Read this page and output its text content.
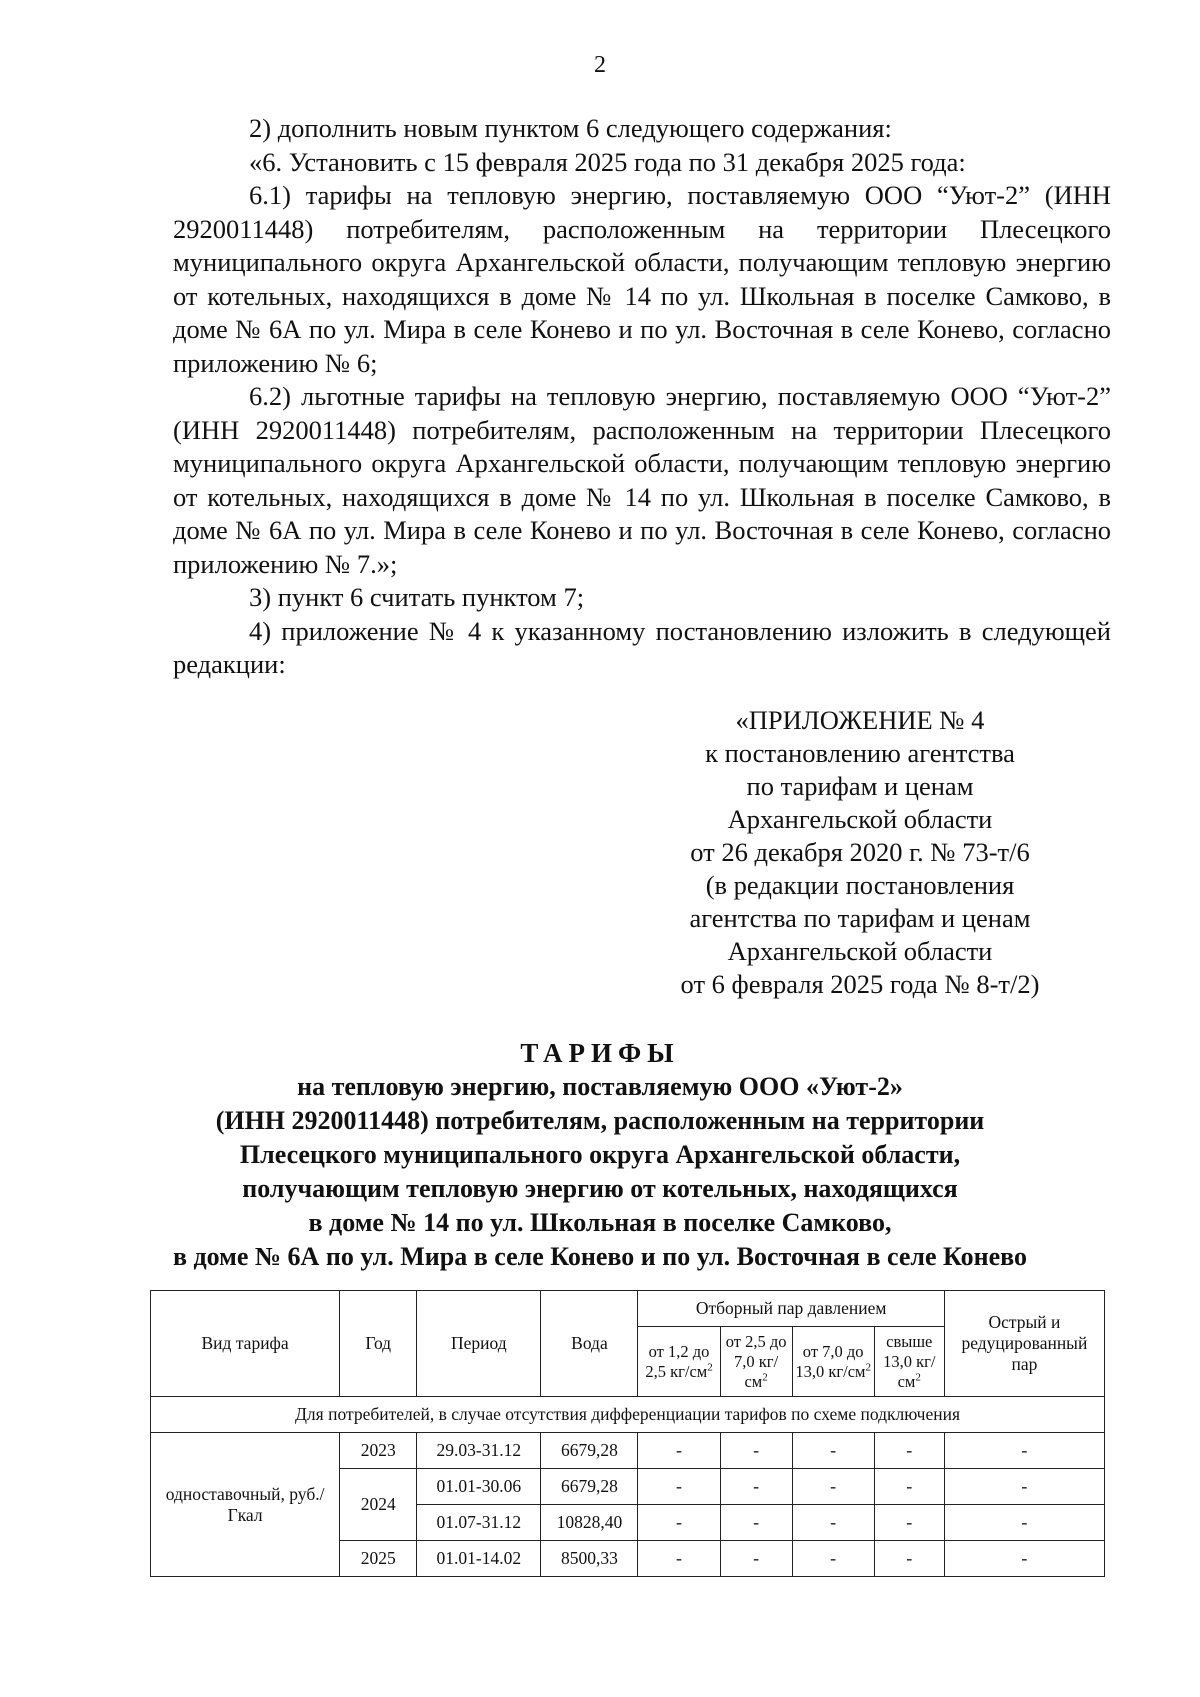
2

2) дополнить новым пунктом 6 следующего содержания:

«6. Установить с 15 февраля 2025 года по 31 декабря 2025 года:

6.1) тарифы на тепловую энергию, поставляемую ООО “Уют-2” (ИНН 2920011448) потребителям, расположенным на территории Плесецкого муниципального округа Архангельской области, получающим тепловую энергию от котельных, находящихся в доме № 14 по ул. Школьная в поселке Самково, в доме № 6А по ул. Мира в селе Конево и по ул. Восточная в селе Конево, согласно приложению № 6;

6.2) льготные тарифы на тепловую энергию, поставляемую ООО “Уют-2” (ИНН 2920011448) потребителям, расположенным на территории Плесецкого муниципального округа Архангельской области, получающим тепловую энергию от котельных, находящихся в доме № 14 по ул. Школьная в поселке Самково, в доме № 6А по ул. Мира в селе Конево и по ул. Восточная в селе Конево, согласно приложению № 7.»;

3) пункт 6 считать пунктом 7;

4) приложение № 4 к указанному постановлению изложить в следующей редакции:

«ПРИЛОЖЕНИЕ № 4
к постановлению агентства
по тарифам и ценам
Архангельской области
от 26 декабря 2020 г. № 73-т/6
(в редакции постановления
агентства по тарифам и ценам
Архангельской области
от 6 февраля 2025 года № 8-т/2)
ТАРИФЫ
на тепловую энергию, поставляемую ООО «Уют-2»
(ИНН 2920011448) потребителям, расположенным на территории
Плесецкого муниципального округа Архангельской области,
получающим тепловую энергию от котельных, находящихся
в доме № 14 по ул. Школьная в поселке Самково,
в доме № 6А по ул. Мира в селе Конево и по ул. Восточная в селе Конево
Вид тарифа	Год	Период	Вода	Отборный пар давлением				Острый и редуцированный пар
				от 1,2 до 2,5 $кг/см^2$	от 2,5 до 7,0 $кг/см^2$	от 7,0 до 13,0 $кг/см^2$	свыше 13,0 $кг/см^2$
Для потребителей, в случае отсутствия дифференциации тарифов по схеме подключения								
одноставочный, руб./Гкал	2023	29.03-31.12	6679,28	-	-	-	-	-
	2024	01.01-30.06	6679,28	-	-	-	-	-
		01.07-31.12	10828,40	-	-	-	-	-
	2025	01.01-14.02	8500,33	-	-	-	-	-
